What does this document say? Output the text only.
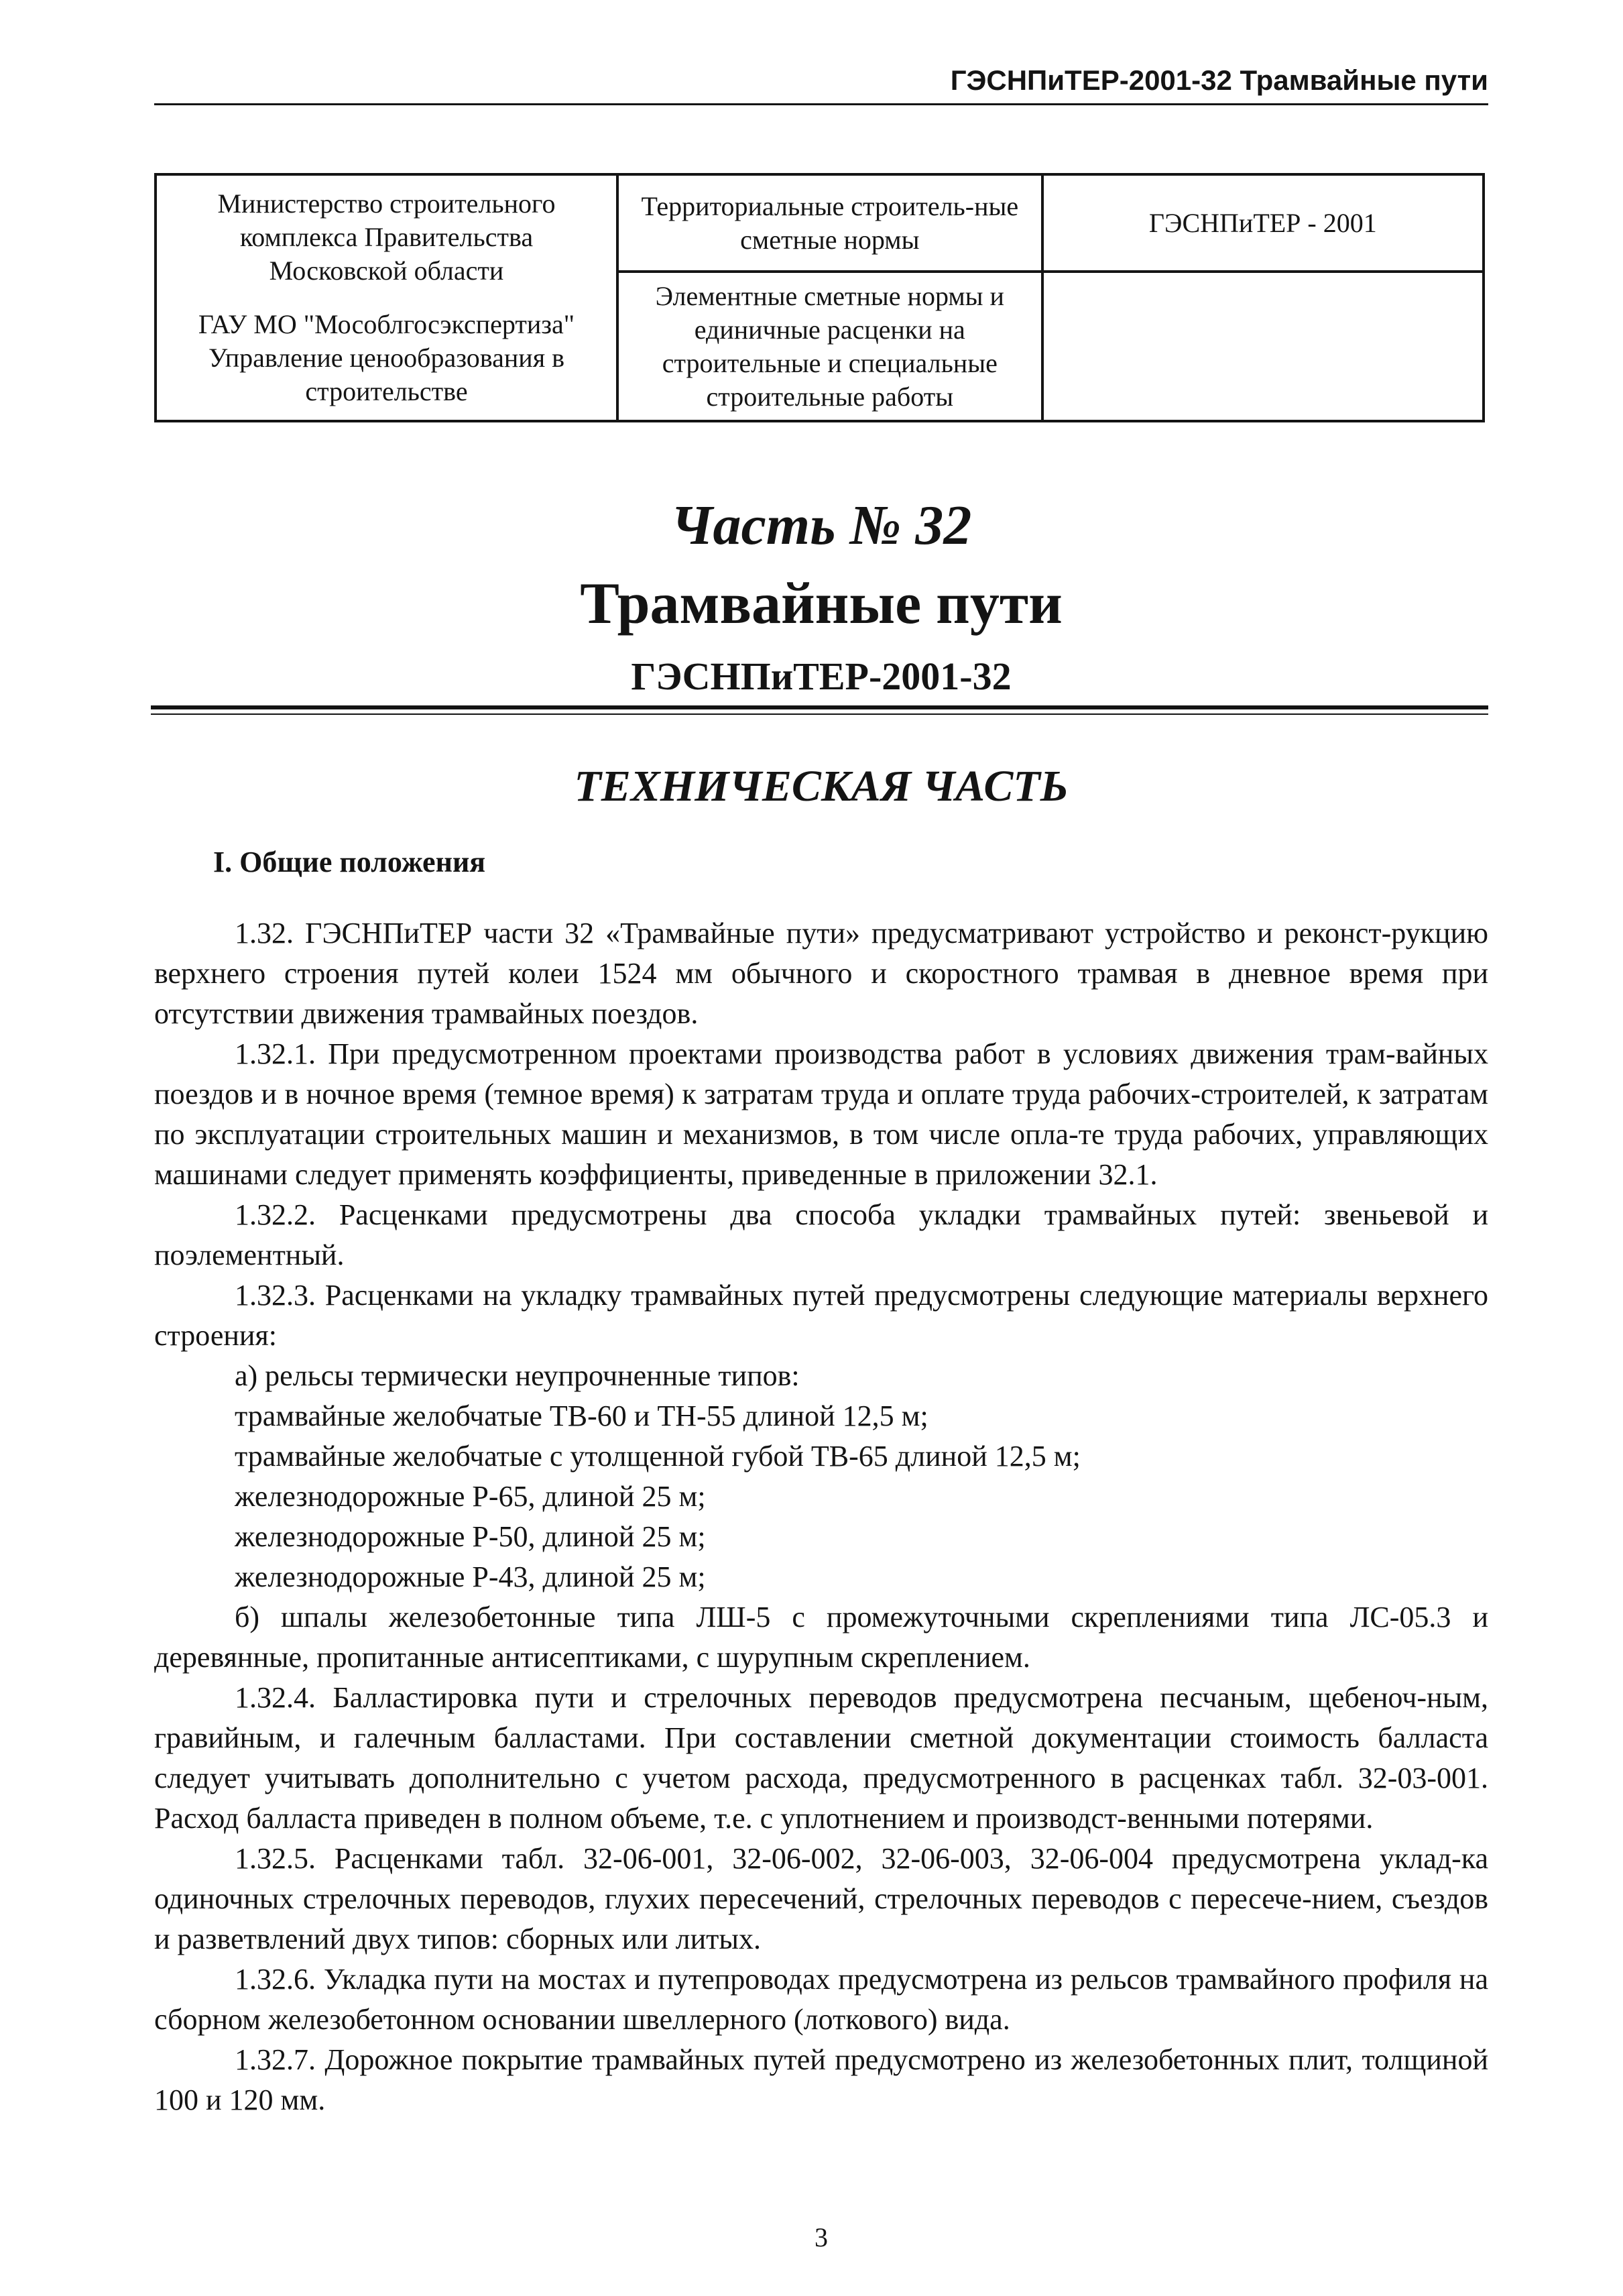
ГЭСНПиТЕР-2001-32 Трамвайные пути
Министерство строительного комплекса Правительства Московской области
ГАУ МО "Мособлгосэкспертиза"
Управление ценообразования в строительстве	Территориальные строитель-ные сметные нормы	ГЭСНПиТЕР - 2001
	Элементные сметные нормы и единичные расценки на строительные и специальные строительные работы	
Часть № 32
Трамвайные пути
ГЭСНПиТЕР-2001-32
ТЕХНИЧЕСКАЯ ЧАСТЬ
I. Общие положения

1.32. ГЭСНПиТЕР части 32 «Трамвайные пути» предусматривают устройство и реконст-рукцию верхнего строения путей колеи 1524 мм обычного и скоростного трамвая в дневное время при отсутствии движения трамвайных поездов.

1.32.1. При предусмотренном проектами производства работ в условиях движения трам-вайных поездов и в ночное время (темное время) к затратам труда и оплате труда рабочих-строителей, к затратам по эксплуатации строительных машин и механизмов, в том числе опла-те труда рабочих, управляющих машинами следует применять коэффициенты, приведенные в приложении 32.1.

1.32.2. Расценками предусмотрены два способа укладки трамвайных путей: звеньевой и поэлементный.

1.32.3. Расценками на укладку трамвайных путей предусмотрены следующие материалы верхнего строения:

а) рельсы термически неупрочненные типов:

трамвайные желобчатые ТВ-60 и ТН-55 длиной 12,5 м;

трамвайные желобчатые с утолщенной губой ТВ-65 длиной 12,5 м;

железнодорожные Р-65, длиной 25 м;

железнодорожные Р-50, длиной 25 м;

железнодорожные Р-43, длиной 25 м;

б) шпалы железобетонные типа ЛШ-5 с промежуточными скреплениями типа ЛС-05.3 и деревянные, пропитанные антисептиками, с шурупным скреплением.

1.32.4. Балластировка пути и стрелочных переводов предусмотрена песчаным, щебеноч-ным, гравийным, и галечным балластами. При составлении сметной документации стоимость балласта следует учитывать дополнительно с учетом расхода, предусмотренного в расценках табл. 32-03-001. Расход балласта приведен в полном объеме, т.е. с уплотнением и производст-венными потерями.

1.32.5. Расценками табл. 32-06-001, 32-06-002, 32-06-003, 32-06-004 предусмотрена уклад-ка одиночных стрелочных переводов, глухих пересечений, стрелочных переводов с пересече-нием, съездов и разветвлений двух типов: сборных или литых.

1.32.6. Укладка пути на мостах и путепроводах предусмотрена из рельсов трамвайного профиля на сборном железобетонном основании швеллерного (лоткового) вида.

1.32.7. Дорожное покрытие трамвайных путей предусмотрено из железобетонных плит, толщиной 100 и 120 мм.

3
